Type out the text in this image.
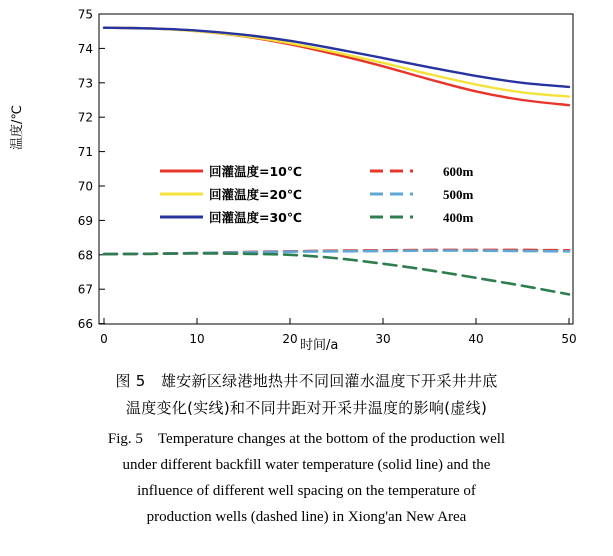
75
74
73
72
71
70
69
68
67
66
0	10	20	30	40	50
回灌温度=10℃
回灌温度=20℃
回灌温度=30℃
600m
500m
400m
温度/℃
时间/a
图 5　雄安新区绿港地热井不同回灌水温度下开采井井底
温度变化(实线)和不同井距对开采井温度的影响(虚线)
Fig. 5　Temperature changes at the bottom of the production well
under different backfill water temperature (solid line) and the
influence of different well spacing on the temperature of
production wells (dashed line) in Xiong'an New Area
